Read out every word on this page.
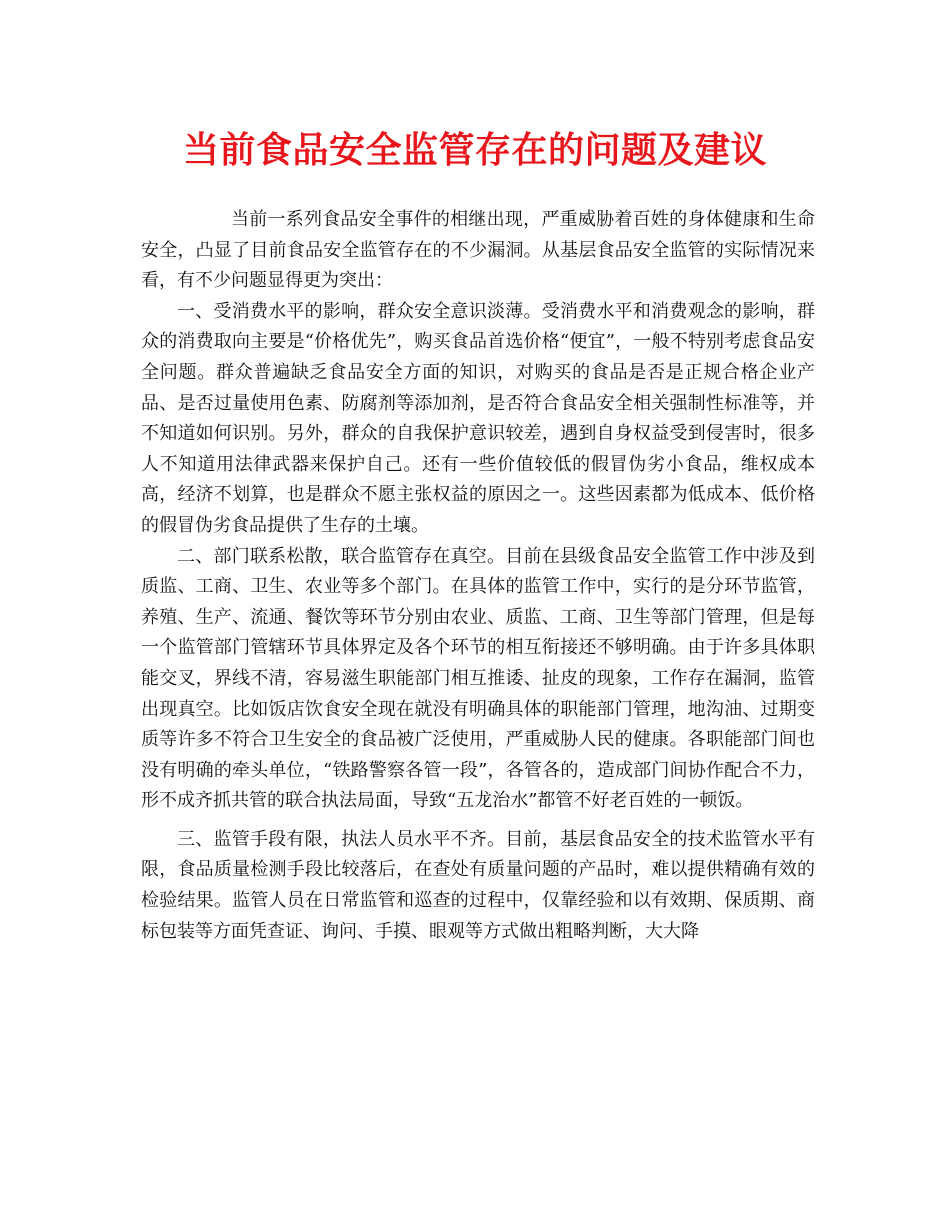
当前食品安全监管存在的问题及建议

当前一系列食品安全事件的相继出现，严重威胁着百姓的身体健康和生命安全，凸显了目前食品安全监管存在的不少漏洞。从基层食品安全监管的实际情况来看，有不少问题显得更为突出：

一、受消费水平的影响，群众安全意识淡薄。受消费水平和消费观念的影响，群众的消费取向主要是“价格优先”，购买食品首选价格“便宜”，一般不特别考虑食品安全问题。群众普遍缺乏食品安全方面的知识，对购买的食品是否是正规合格企业产品、是否过量使用色素、防腐剂等添加剂，是否符合食品安全相关强制性标准等，并不知道如何识别。另外，群众的自我保护意识较差，遇到自身权益受到侵害时，很多人不知道用法律武器来保护自己。还有一些价值较低的假冒伪劣小食品，维权成本高，经济不划算，也是群众不愿主张权益的原因之一。这些因素都为低成本、低价格的假冒伪劣食品提供了生存的土壤。

二、部门联系松散，联合监管存在真空。目前在县级食品安全监管工作中涉及到质监、工商、卫生、农业等多个部门。在具体的监管工作中，实行的是分环节监管，养殖、生产、流通、餐饮等环节分别由农业、质监、工商、卫生等部门管理，但是每一个监管部门管辖环节具体界定及各个环节的相互衔接还不够明确。由于许多具体职能交叉，界线不清，容易滋生职能部门相互推诿、扯皮的现象，工作存在漏洞，监管出现真空。比如饭店饮食安全现在就没有明确具体的职能部门管理，地沟油、过期变质等许多不符合卫生安全的食品被广泛使用，严重威胁人民的健康。各职能部门间也没有明确的牵头单位，“铁路警察各管一段”，各管各的，造成部门间协作配合不力，形不成齐抓共管的联合执法局面，导致“五龙治水”都管不好老百姓的一顿饭。

三、监管手段有限，执法人员水平不齐。目前，基层食品安全的技术监管水平有限，食品质量检测手段比较落后，在查处有质量问题的产品时，难以提供精确有效的检验结果。监管人员在日常监管和巡查的过程中，仅靠经验和以有效期、保质期、商标包装等方面凭查证、询问、手摸、眼观等方式做出粗略判断，大大降
